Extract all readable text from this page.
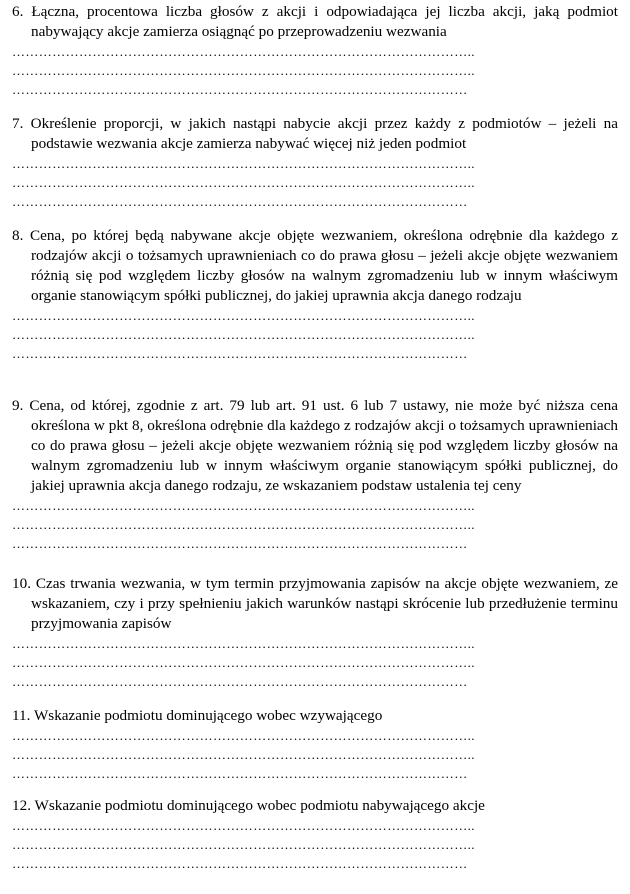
6. Łączna, procentowa liczba głosów z akcji i odpowiadająca jej liczba akcji, jaką podmiot nabywający akcje zamierza osiągnąć po przeprowadzeniu wezwania

…………………………………………………………………………………………..

…………………………………………………………………………………………..

…………………………………………………………………………………………

7. Określenie proporcji, w jakich nastąpi nabycie akcji przez każdy z podmiotów – jeżeli na podstawie wezwania akcje zamierza nabywać więcej niż jeden podmiot

…………………………………………………………………………………………..

…………………………………………………………………………………………..

…………………………………………………………………………………………

8. Cena, po której będą nabywane akcje objęte wezwaniem, określona odrębnie dla każdego z rodzajów akcji o tożsamych uprawnieniach co do prawa głosu – jeżeli akcje objęte wezwaniem różnią się pod względem liczby głosów na walnym zgromadzeniu lub w innym właściwym organie stanowiącym spółki publicznej, do jakiej uprawnia akcja danego rodzaju

…………………………………………………………………………………………..

…………………………………………………………………………………………..

…………………………………………………………………………………………

9. Cena, od której, zgodnie z art. 79 lub art. 91 ust. 6 lub 7 ustawy, nie może być niższa cena określona w pkt 8, określona odrębnie dla każdego z rodzajów akcji o tożsamych uprawnieniach co do prawa głosu – jeżeli akcje objęte wezwaniem różnią się pod względem liczby głosów na walnym zgromadzeniu lub w innym właściwym organie stanowiącym spółki publicznej, do jakiej uprawnia akcja danego rodzaju, ze wskazaniem podstaw ustalenia tej ceny

…………………………………………………………………………………………..

…………………………………………………………………………………………..

…………………………………………………………………………………………

10. Czas trwania wezwania, w tym termin przyjmowania zapisów na akcje objęte wezwaniem, ze wskazaniem, czy i przy spełnieniu jakich warunków nastąpi skrócenie lub przedłużenie terminu przyjmowania zapisów

…………………………………………………………………………………………..

…………………………………………………………………………………………..

…………………………………………………………………………………………

11. Wskazanie podmiotu dominującego wobec wzywającego

…………………………………………………………………………………………..

…………………………………………………………………………………………..

…………………………………………………………………………………………

12. Wskazanie podmiotu dominującego wobec podmiotu nabywającego akcje

…………………………………………………………………………………………..

…………………………………………………………………………………………..

…………………………………………………………………………………………
